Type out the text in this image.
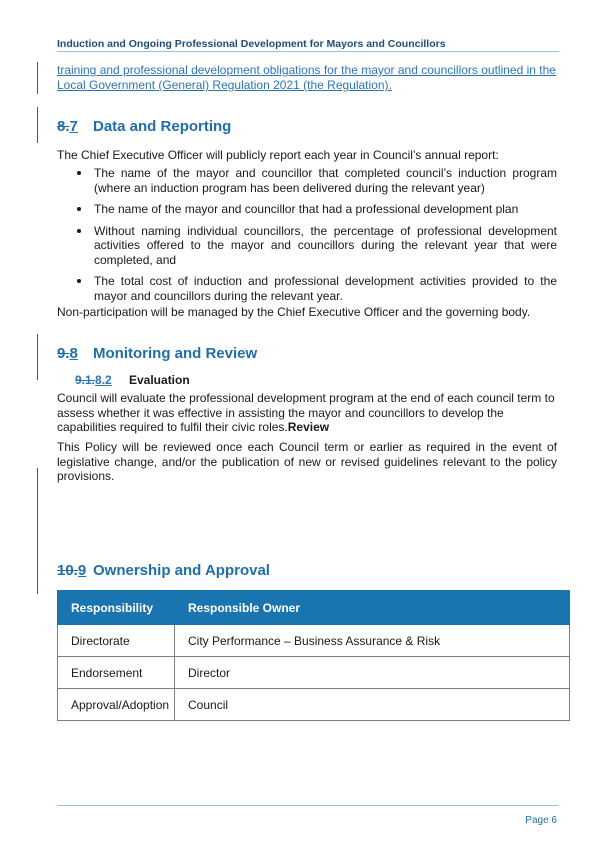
Induction and Ongoing Professional Development for Mayors and Councillors
training and professional development obligations for the mayor and councillors outlined in the Local Government (General) Regulation 2021 (the Regulation).
8.7 Data and Reporting
The Chief Executive Officer will publicly report each year in Council’s annual report:
The name of the mayor and councillor that completed council’s induction program (where an induction program has been delivered during the relevant year)
The name of the mayor and councillor that had a professional development plan
Without naming individual councillors, the percentage of professional development activities offered to the mayor and councillors during the relevant year that were completed, and
The total cost of induction and professional development activities provided to the mayor and councillors during the relevant year.
Non-participation will be managed by the Chief Executive Officer and the governing body.
9.8 Monitoring and Review
9.1.8.2 Evaluation
Council will evaluate the professional development program at the end of each council term to assess whether it was effective in assisting the mayor and councillors to develop the capabilities required to fulfil their civic roles.Review
This Policy will be reviewed once each Council term or earlier as required in the event of legislative change, and/or the publication of new or revised guidelines relevant to the policy provisions.
10.9 Ownership and Approval
Responsibility	Responsible Owner
Directorate	City Performance – Business Assurance & Risk
Endorsement	Director
Approval/Adoption	Council
Page 6
